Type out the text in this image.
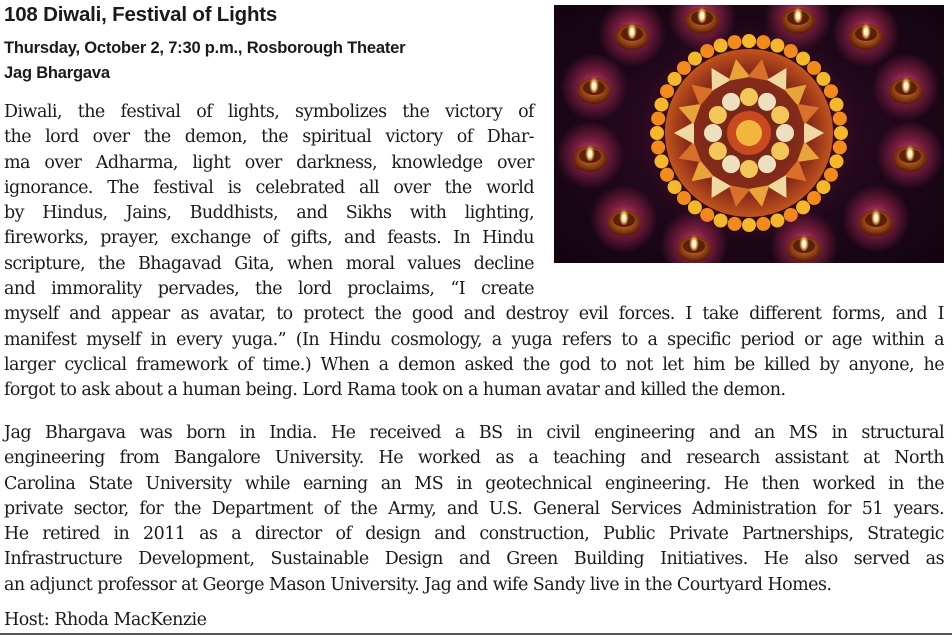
108 Diwali, Festival of Lights
Thursday, October 2, 7:30 p.m., Rosborough Theater
Jag Bhargava
Diwali, the festival of lights, symbolizes the victory of
the lord over the demon, the spiritual victory of Dhar-
ma over Adharma, light over darkness, knowledge over
ignorance. The festival is celebrated all over the world
by Hindus, Jains, Buddhists, and Sikhs with lighting,
fireworks, prayer, exchange of gifts, and feasts. In Hindu
scripture, the Bhagavad Gita, when moral values decline
and immorality pervades, the lord proclaims, “I create
myself and appear as avatar, to protect the good and destroy evil forces. I take different forms, and I
manifest myself in every yuga.” (In Hindu cosmology, a yuga refers to a specific period or age within a
larger cyclical framework of time.) When a demon asked the god to not let him be killed by anyone, he
forgot to ask about a human being. Lord Rama took on a human avatar and killed the demon.
Jag Bhargava was born in India. He received a BS in civil engineering and an MS in structural
engineering from Bangalore University. He worked as a teaching and research assistant at North
Carolina State University while earning an MS in geotechnical engineering. He then worked in the
private sector, for the Department of the Army, and U.S. General Services Administration for 51 years.
He retired in 2011 as a director of design and construction, Public Private Partnerships, Strategic
Infrastructure Development, Sustainable Design and Green Building Initiatives. He also served as
an adjunct professor at George Mason University. Jag and wife Sandy live in the Courtyard Homes.

Host: Rhoda MacKenzie
